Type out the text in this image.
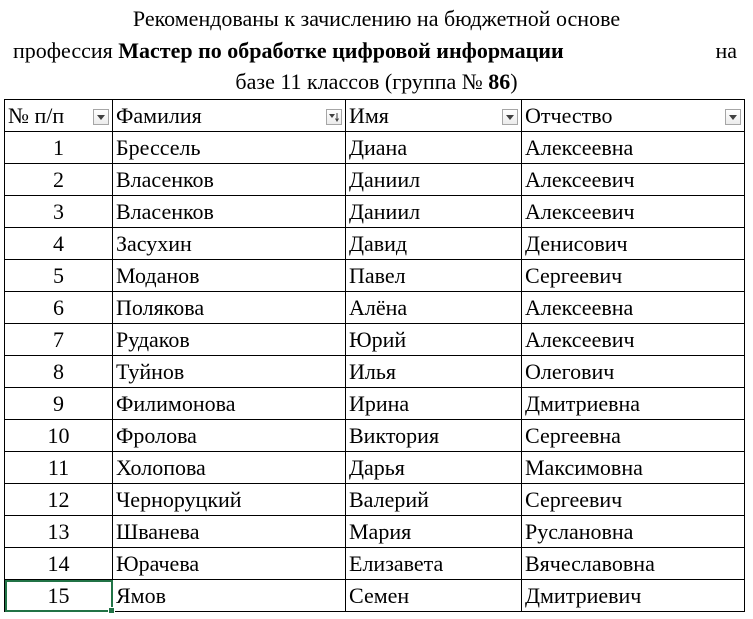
Рекомендованы к зачислению на бюджетной основе
профессия Мастер по обработке цифровой информации	на
базе 11 классов (группа № 86)
№ п/п	Фамилия	Имя	Отчество

1	Брессель	Диана	Алексеевна
2	Власенков	Даниил	Алексеевич
3	Власенков	Даниил	Алексеевич
4	Засухин	Давид	Денисович
5	Моданов	Павел	Сергеевич
6	Полякова	Алёна	Алексеевна
7	Рудаков	Юрий	Алексеевич
8	Туйнов	Илья	Олегович
9	Филимонова	Ирина	Дмитриевна
10	Фролова	Виктория	Сергеевна
11	Холопова	Дарья	Максимовна
12	Черноруцкий	Валерий	Сергеевич
13	Шванева	Мария	Руслановна
14	Юрачева	Елизавета	Вячеславовна
15	Ямов	Семен	Дмитриевич
